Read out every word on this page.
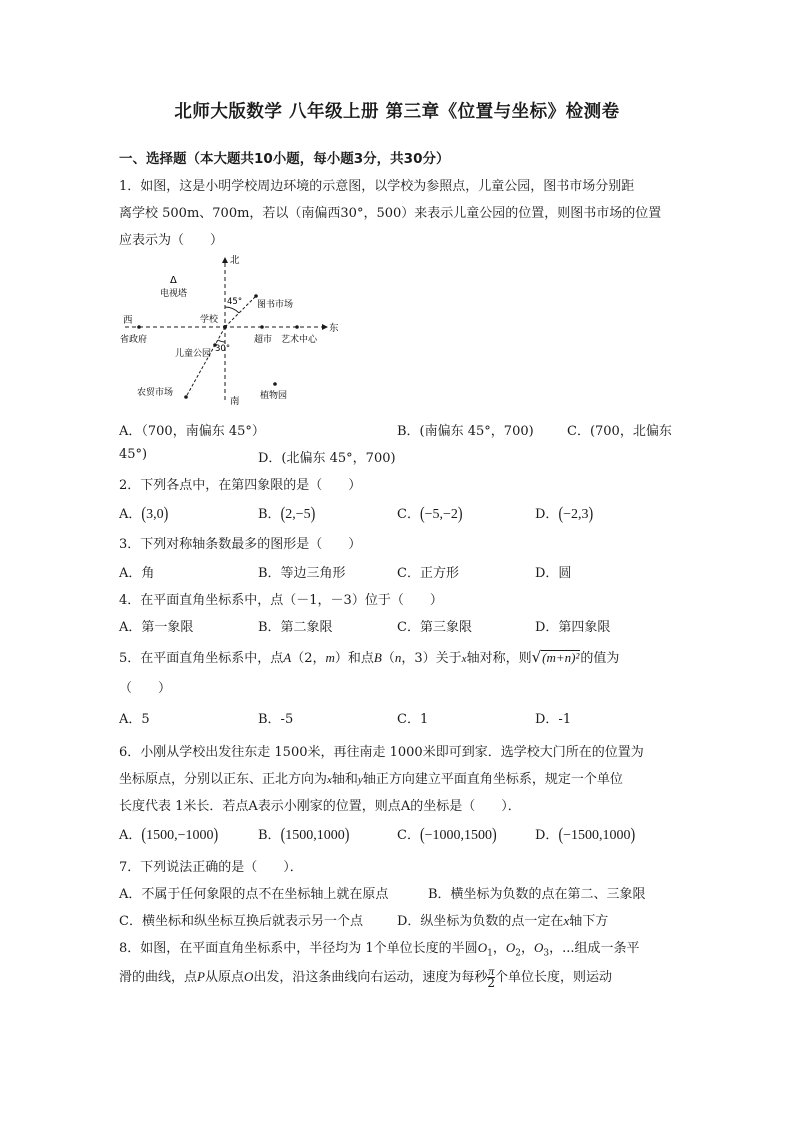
北师大版数学 八年级上册 第三章《位置与坐标》检测卷
一、选择题（本大题共10小题，每小题3分，共30分）
1．如图，这是小明学校周边环境的示意图，以学校为参照点，儿童公园，图书市场分别距
离学校 500m、700m，若以（南偏西30°，500）来表示儿童公园的位置，则图书市场的位置
应表示为（　　）
北
南
东
西
Δ
电视塔
学校
图书市场
45°
30°
省政府	超市 艺术中心
儿童公园
农贸市场	植物园
A．（700，南偏东 45°）	B．(南偏东 45°，700)	C．(700，北偏东
45°)	D．(北偏东 45°，700)
2．下列各点中，在第四象限的是（　　）
A．(3,0)	B．(2,−5)	C．(−5,−2)	D．(−2,3)
3．下列对称轴条数最多的图形是（　　）
A．角	B．等边三角形	C．正方形	D．圆
4．在平面直角坐标系中，点（－1，－3）位于（　　）
A．第一象限	B．第二象限	C．第三象限	D．第四象限
5．在平面直角坐标系中，点A（2，m）和点B（n，3）关于x轴对称，则√(m+n)²的值为
（　　）
A．5	B．-5	C．1	D．-1
6．小刚从学校出发往东走 1500米，再往南走 1000米即可到家．选学校大门所在的位置为
坐标原点，分别以正东、正北方向为x轴和y轴正方向建立平面直角坐标系，规定一个单位
长度代表 1米长．若点A表示小刚家的位置，则点A的坐标是（　　）．
A．(1500,−1000)	B．(1500,1000)	C．(−1000,1500)	D．(−1500,1000)
7．下列说法正确的是（　　）．
A．不属于任何象限的点不在坐标轴上就在原点	B．横坐标为负数的点在第二、三象限
C．横坐标和纵坐标互换后就表示另一个点	D．纵坐标为负数的点一定在x轴下方
8．如图，在平面直角坐标系中，半径均为 1个单位长度的半圆$O_1$，$O_2$，$O_3$，...组成一条平
滑的曲线，点P从原点O出发，沿这条曲线向右运动，速度为每秒 $\frac{\pi}{2}$个单位长度，则运动
